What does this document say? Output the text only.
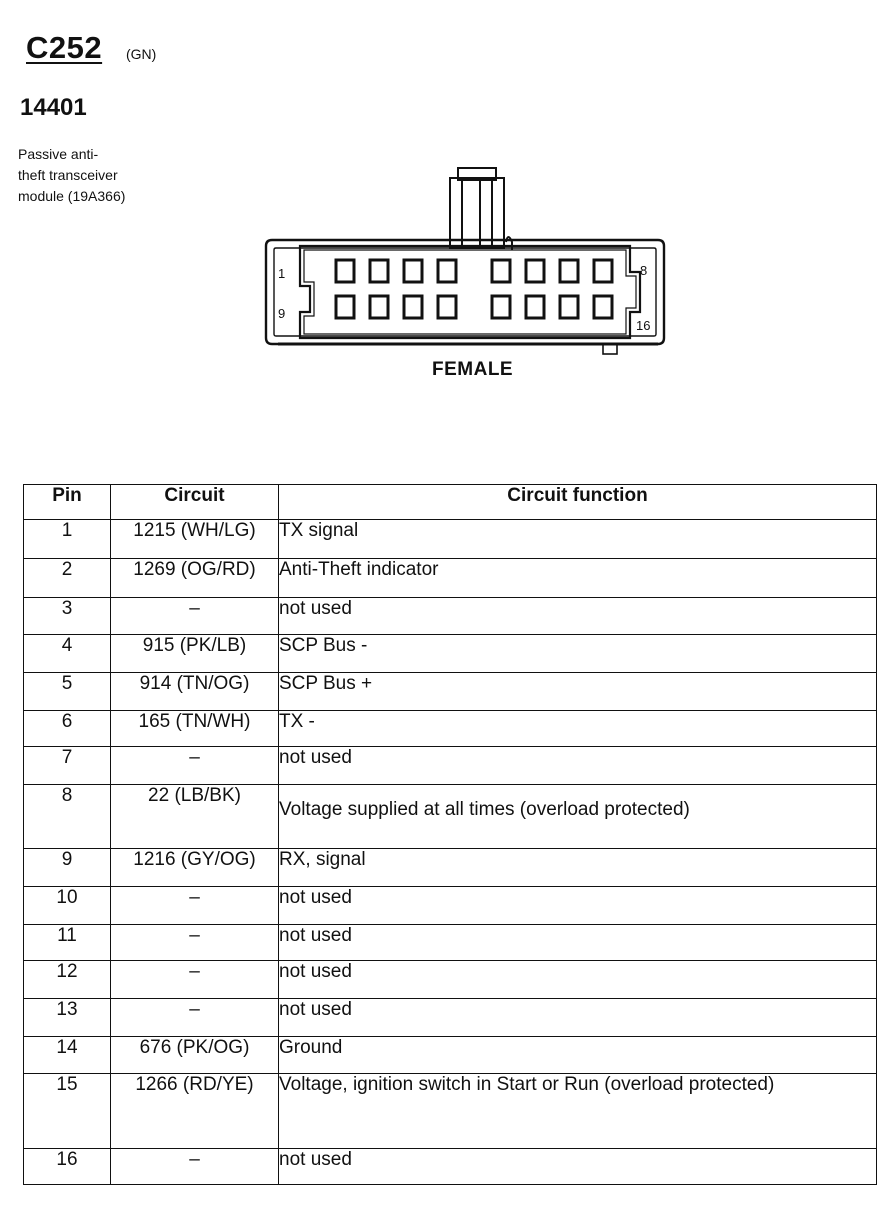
C252 (GN)
14401
Passive anti-
theft transceiver
module (19A366)
1
9
8
16
FEMALE
Pin	Circuit	Circuit function
1	1215 (WH/LG)	TX signal
2	1269 (OG/RD)	Anti-Theft indicator
3	–	not used
4	915 (PK/LB)	SCP Bus -
5	914 (TN/OG)	SCP Bus +
6	165 (TN/WH)	TX -
7	–	not used
8	22 (LB/BK)	Voltage supplied at all times (overload protected)
9	1216 (GY/OG)	RX, signal
10	–	not used
11	–	not used
12	–	not used
13	–	not used
14	676 (PK/OG)	Ground
15	1266 (RD/YE)	Voltage, ignition switch in Start or Run (overload protected)
16	–	not used
